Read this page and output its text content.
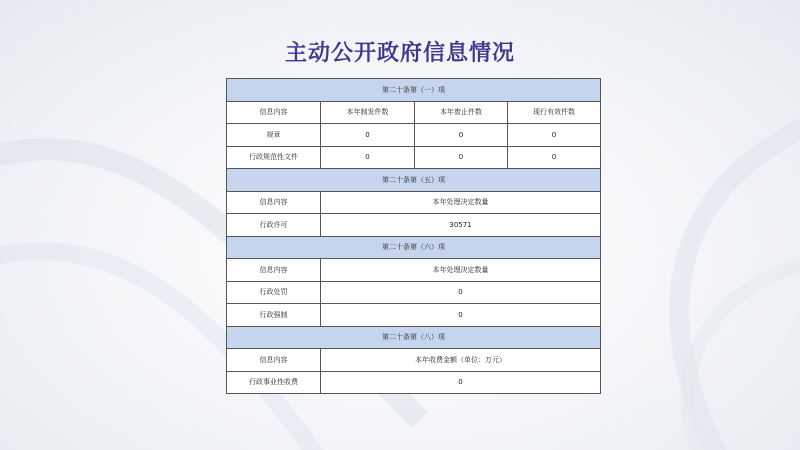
主动公开政府信息情况
第二十条第（一）项			
信息内容	本年制发件数	本年废止件数	现行有效件数
规章	0	0	0
行政规范性文件	0	0	0
第二十条第（五）项			
信息内容	本年处理决定数量		
行政许可	30571		
第二十条第（六）项			
信息内容	本年处理决定数量		
行政处罚	0		
行政强制	0		
第二十条第（八）项			
信息内容	本年收费金额（单位：万元）		
行政事业性收费	0		
